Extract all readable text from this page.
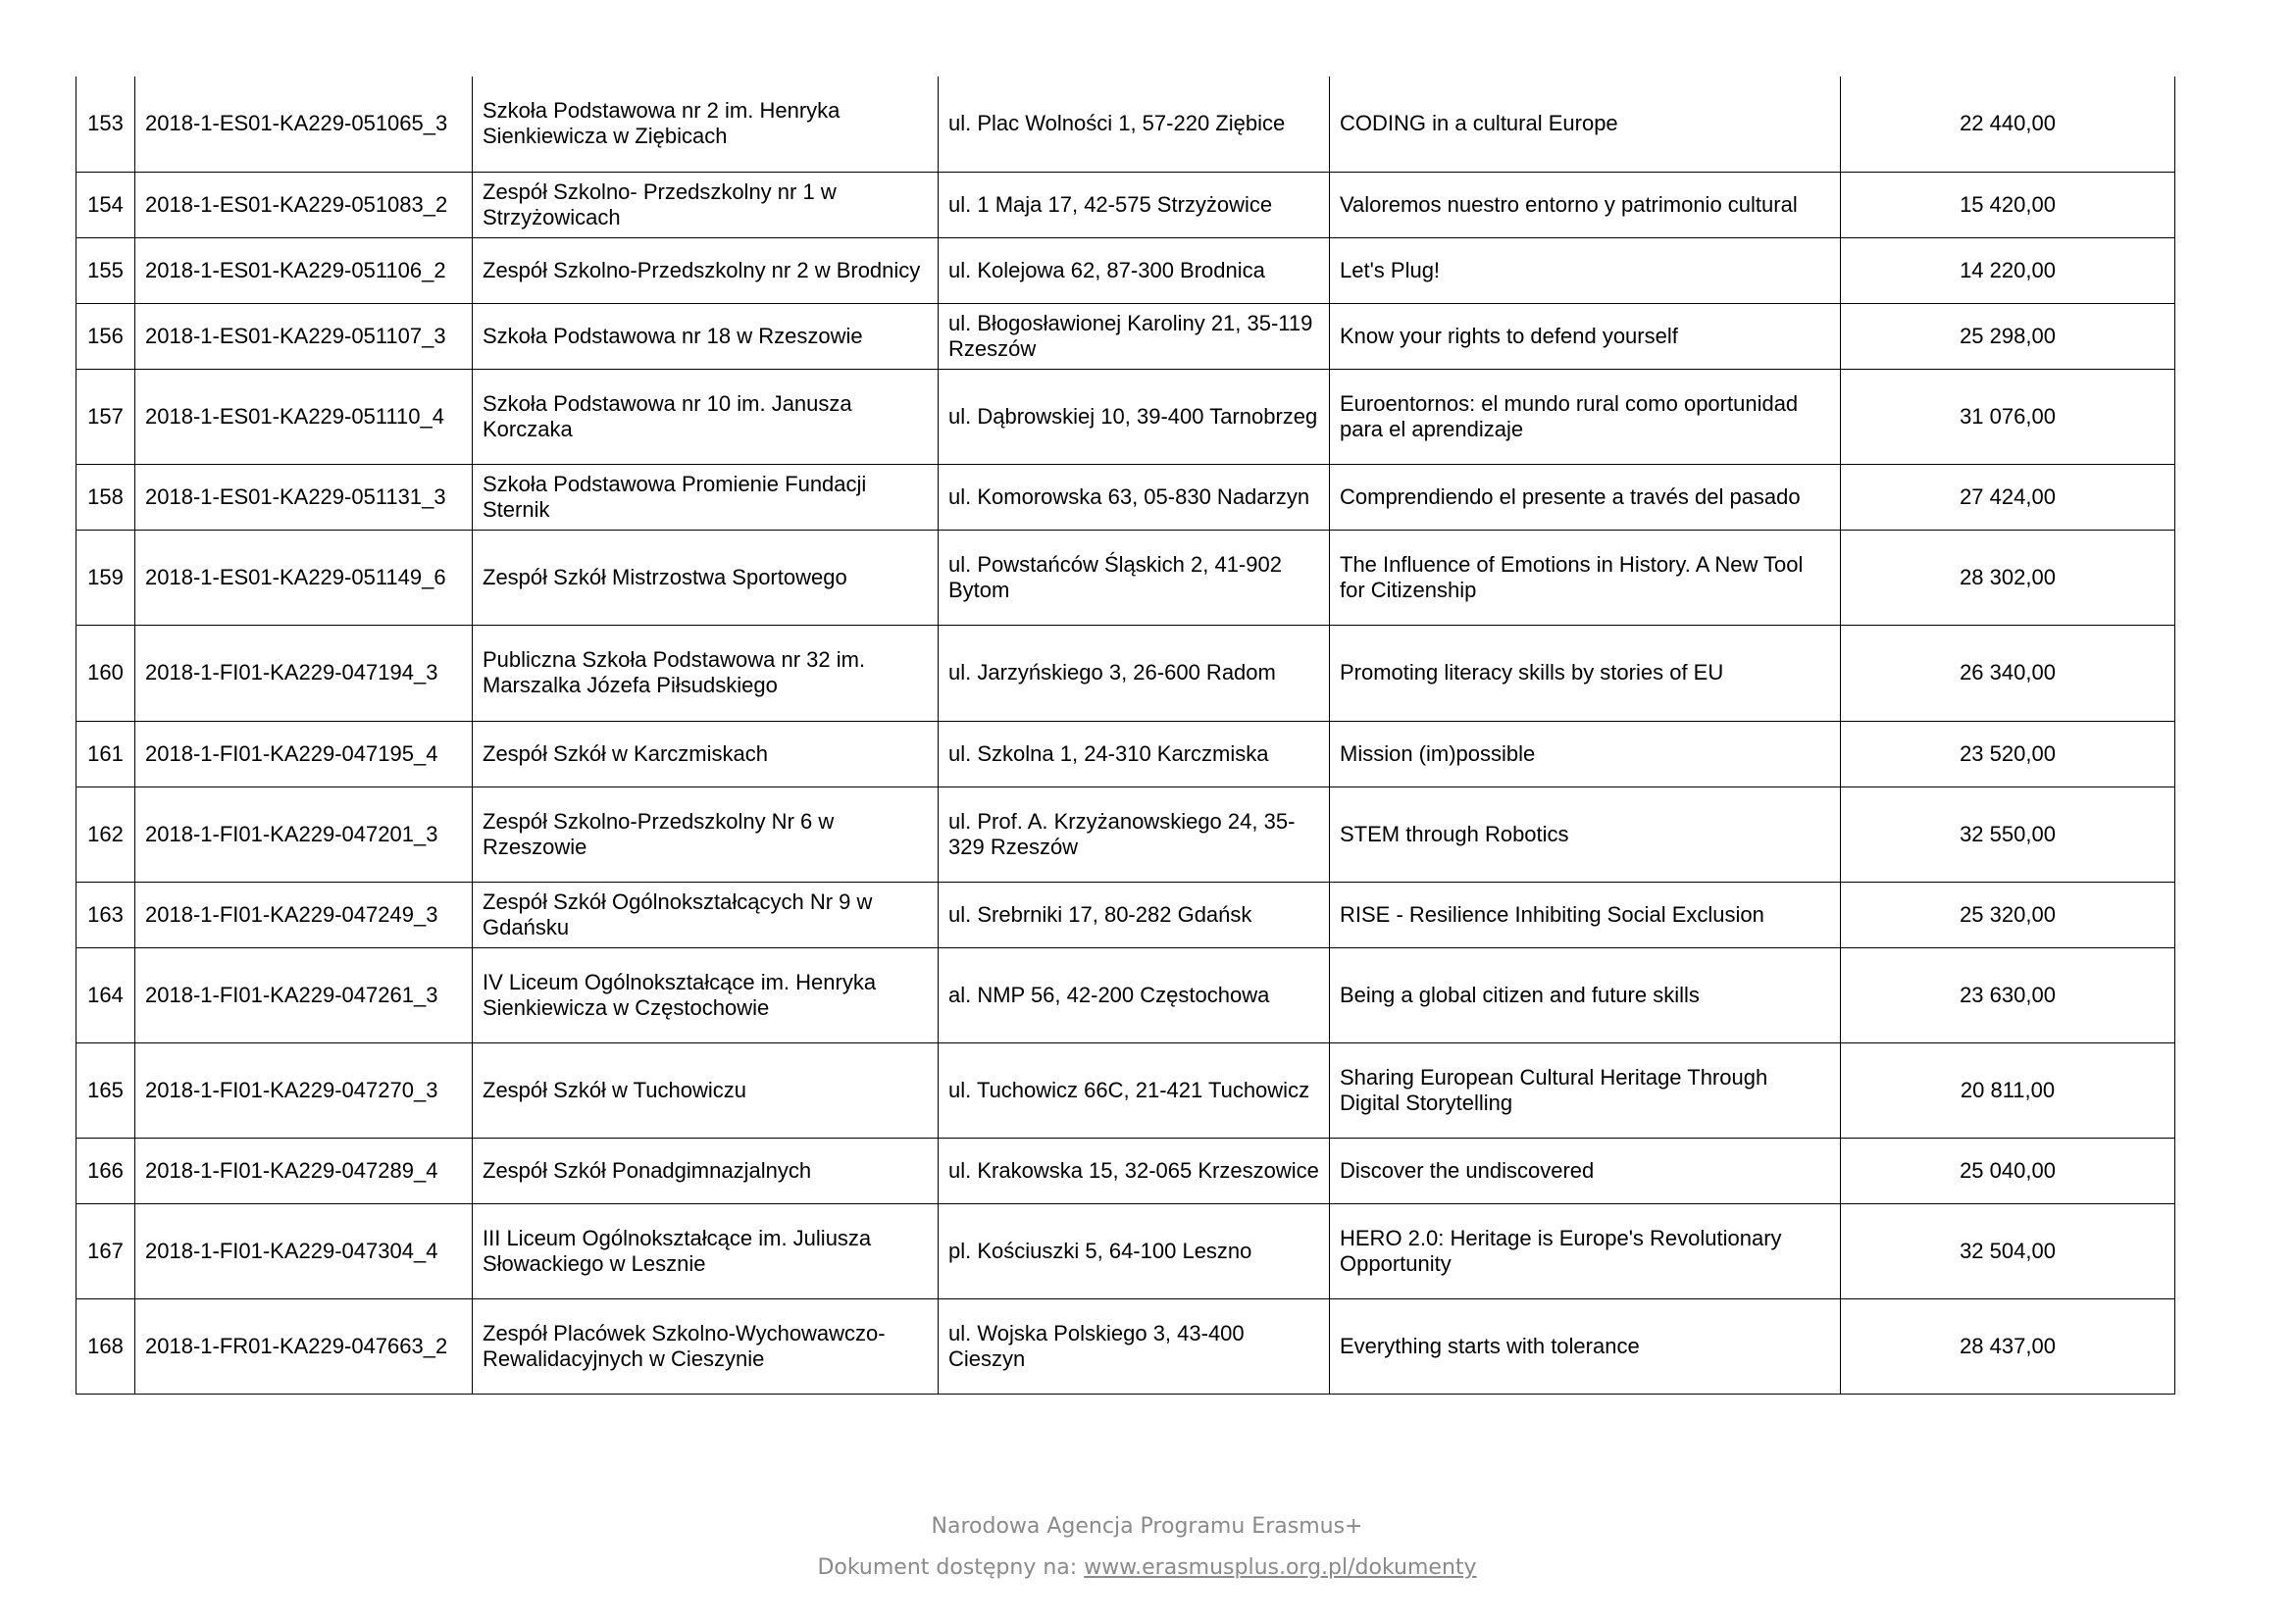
153	2018-1-ES01-KA229-051065_3	Szkoła Podstawowa nr 2 im. Henryka Sienkiewicza w Ziębicach	ul. Plac Wolności 1, 57-220 Ziębice	CODING in a cultural Europe	22 440,00
154	2018-1-ES01-KA229-051083_2	Zespół Szkolno- Przedszkolny nr 1 w Strzyżowicach	ul. 1 Maja 17, 42-575 Strzyżowice	Valoremos nuestro entorno y patrimonio cultural	15 420,00
155	2018-1-ES01-KA229-051106_2	Zespół Szkolno-Przedszkolny nr 2 w Brodnicy	ul. Kolejowa 62, 87-300 Brodnica	Let's Plug!	14 220,00
156	2018-1-ES01-KA229-051107_3	Szkoła Podstawowa nr 18 w Rzeszowie	ul. Błogosławionej Karoliny 21, 35-119 Rzeszów	Know your rights to defend yourself	25 298,00
157	2018-1-ES01-KA229-051110_4	Szkoła Podstawowa nr 10 im. Janusza Korczaka	ul. Dąbrowskiej 10, 39-400 Tarnobrzeg	Euroentornos: el mundo rural como oportunidad para el aprendizaje	31 076,00
158	2018-1-ES01-KA229-051131_3	Szkoła Podstawowa Promienie Fundacji Sternik	ul. Komorowska 63, 05-830 Nadarzyn	Comprendiendo el presente a través del pasado	27 424,00
159	2018-1-ES01-KA229-051149_6	Zespół Szkół Mistrzostwa Sportowego	ul. Powstańców Śląskich 2, 41-902 Bytom	The Influence of Emotions in History. A New Tool for Citizenship	28 302,00
160	2018-1-FI01-KA229-047194_3	Publiczna Szkoła Podstawowa nr 32 im. Marszalka Józefa Piłsudskiego	ul. Jarzyńskiego 3, 26-600 Radom	Promoting literacy skills by stories of EU	26 340,00
161	2018-1-FI01-KA229-047195_4	Zespół Szkół w Karczmiskach	ul. Szkolna 1, 24-310 Karczmiska	Mission (im)possible	23 520,00
162	2018-1-FI01-KA229-047201_3	Zespół Szkolno-Przedszkolny Nr 6 w Rzeszowie	ul. Prof. A. Krzyżanowskiego 24, 35-329 Rzeszów	STEM through Robotics	32 550,00
163	2018-1-FI01-KA229-047249_3	Zespół Szkół Ogólnokształcących Nr 9 w Gdańsku	ul. Srebrniki 17, 80-282 Gdańsk	RISE - Resilience Inhibiting Social Exclusion	25 320,00
164	2018-1-FI01-KA229-047261_3	IV Liceum Ogólnokształcące im. Henryka Sienkiewicza w Częstochowie	al. NMP 56, 42-200 Częstochowa	Being a global citizen and future skills	23 630,00
165	2018-1-FI01-KA229-047270_3	Zespół Szkół w Tuchowiczu	ul. Tuchowicz 66C, 21-421 Tuchowicz	Sharing European Cultural Heritage Through Digital Storytelling	20 811,00
166	2018-1-FI01-KA229-047289_4	Zespół Szkół Ponadgimnazjalnych	ul. Krakowska 15, 32-065 Krzeszowice	Discover the undiscovered	25 040,00
167	2018-1-FI01-KA229-047304_4	III Liceum Ogólnokształcące im. Juliusza Słowackiego w Lesznie	pl. Kościuszki 5, 64-100 Leszno	HERO 2.0: Heritage is Europe's Revolutionary Opportunity	32 504,00
168	2018-1-FR01-KA229-047663_2	Zespół Placówek Szkolno-Wychowawczo-Rewalidacyjnych w Cieszynie	ul. Wojska Polskiego 3, 43-400 Cieszyn	Everything starts with tolerance	28 437,00
Narodowa Agencja Programu Erasmus+
Dokument dostępny na: www.erasmusplus.org.pl/dokumenty
